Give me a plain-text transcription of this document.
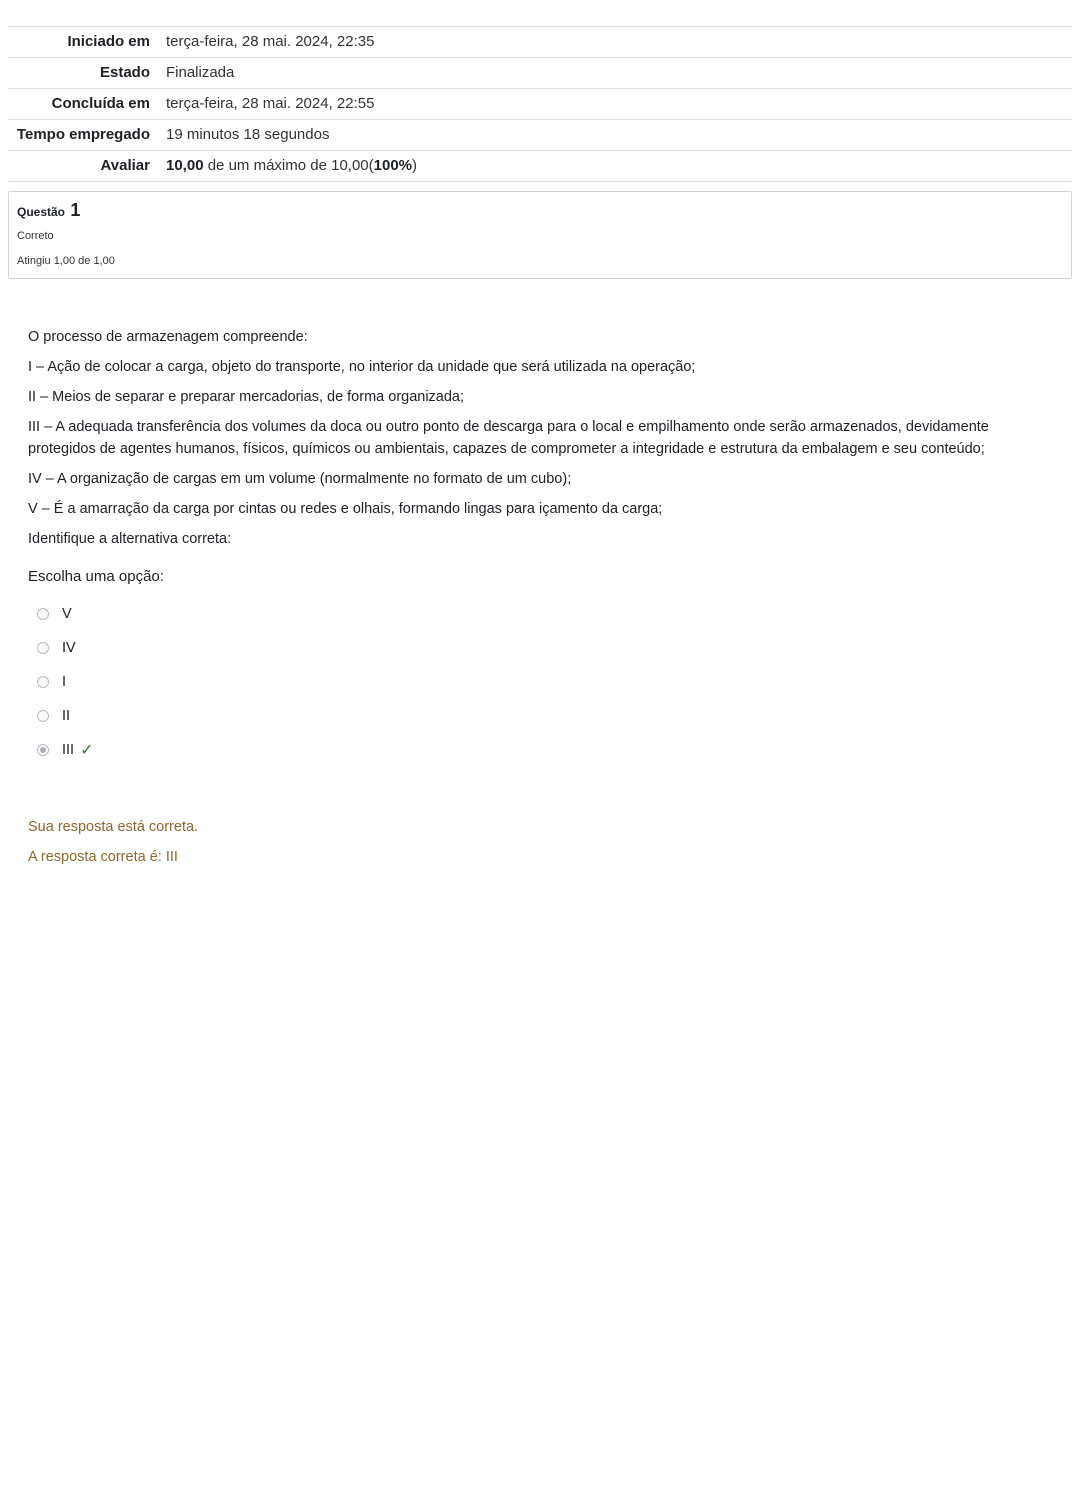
Iniciado em	terça-feira, 28 mai. 2024, 22:35
Estado	Finalizada
Concluída em	terça-feira, 28 mai. 2024, 22:55
Tempo empregado	19 minutos 18 segundos
Avaliar	10,00 de um máximo de 10,00(100%)
Questão 1
Correto
Atingiu 1,00 de 1,00

O processo de armazenagem compreende:

I – Ação de colocar a carga, objeto do transporte, no interior da unidade que será utilizada na operação;

II – Meios de separar e preparar mercadorias, de forma organizada;

III – A adequada transferência dos volumes da doca ou outro ponto de descarga para o local e empilhamento onde serão armazenados, devidamente protegidos de agentes humanos, físicos, químicos ou ambientais, capazes de comprometer a integridade e estrutura da embalagem e seu conteúdo;

IV – A organização de cargas em um volume (normalmente no formato de um cubo);

V – É a amarração da carga por cintas ou redes e olhais, formando lingas para içamento da carga;

Identifique a alternativa correta:

Escolha uma opção:
V
IV
I
II
III ✓

Sua resposta está correta.

A resposta correta é: III
